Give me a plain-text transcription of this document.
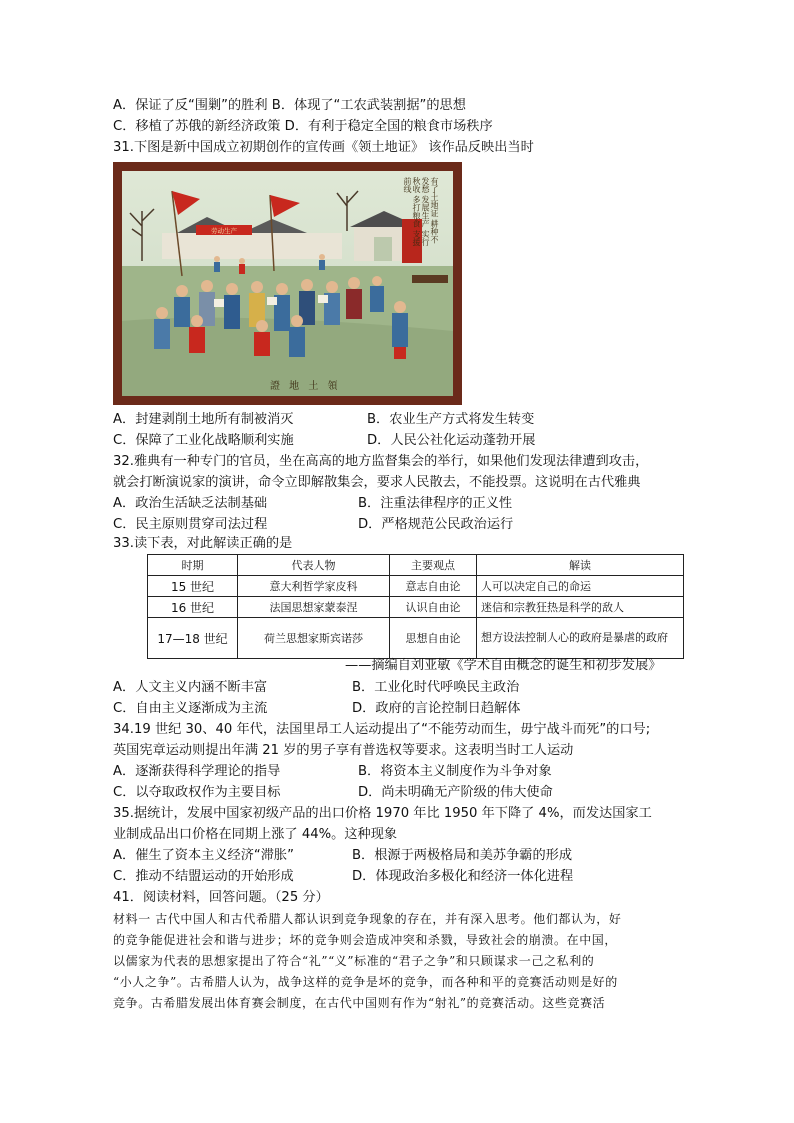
A．保证了反“围剿”的胜利 B．体现了“工农武装割据”的思想
C．移植了苏俄的新经济政策 D．有利于稳定全国的粮食市场秩序
31.下图是新中国成立初期创作的宣传画《领土地证》 该作品反映出当时
劳动生产	有了土地证 耕种不发愁 发展生产 实行秋收 多打粮食 支援前线
證 地 土 領
A．封建剥削土地所有制被消灭	B．农业生产方式将发生转变
C．保障了工业化战略顺利实施	D．人民公社化运动蓬勃开展
32.雅典有一种专门的官员，坐在高高的地方监督集会的举行，如果他们发现法律遭到攻击，
就会打断演说家的演讲，命令立即解散集会，要求人民散去，不能投票。这说明在古代雅典
A．政治生活缺乏法制基础	B．注重法律程序的正义性
C．民主原则贯穿司法过程	D．严格规范公民政治运行
33.读下表，对此解读正确的是
时期	代表人物	主要观点	解读
15 世纪	意大利哲学家皮科	意志自由论	人可以决定自己的命运
16 世纪	法国思想家蒙泰涅	认识自由论	迷信和宗教狂热是科学的敌人
17—18 世纪	荷兰思想家斯宾诺莎	思想自由论	想方设法控制人心的政府是暴虐的政府
——摘编自刘亚敏《学术自由概念的诞生和初步发展》
A．人文主义内涵不断丰富	B．工业化时代呼唤民主政治
C．自由主义逐渐成为主流	D．政府的言论控制日趋解体
34.19 世纪 30、40 年代，法国里昂工人运动提出了“不能劳动而生，毋宁战斗而死”的口号;
英国宪章运动则提出年满 21 岁的男子享有普选权等要求。这表明当时工人运动
A．逐渐获得科学理论的指导	B．将资本主义制度作为斗争对象
C．以夺取政权作为主要目标	D．尚未明确无产阶级的伟大使命
35.据统计，发展中国家初级产品的出口价格 1970 年比 1950 年下降了 4%，而发达国家工
业制成品出口价格在同期上涨了 44%。这种现象
A．催生了资本主义经济“滞胀”	B．根源于两极格局和美苏争霸的形成
C．推动不结盟运动的开始形成	D．体现政治多极化和经济一体化进程
41．阅读材料，回答问题。（25 分）
材料一 古代中国人和古代希腊人都认识到竞争现象的存在，并有深入思考。他们都认为，好
的竞争能促进社会和谐与进步；坏的竞争则会造成冲突和杀戮，导致社会的崩溃。在中国，
以儒家为代表的思想家提出了符合“礼”“义”标准的“君子之争”和只顾谋求一己之私利的
“小人之争”。古希腊人认为，战争这样的竞争是坏的竞争，而各种和平的竞赛活动则是好的
竞争。古希腊发展出体育赛会制度，在古代中国则有作为“射礼”的竞赛活动。这些竞赛活
